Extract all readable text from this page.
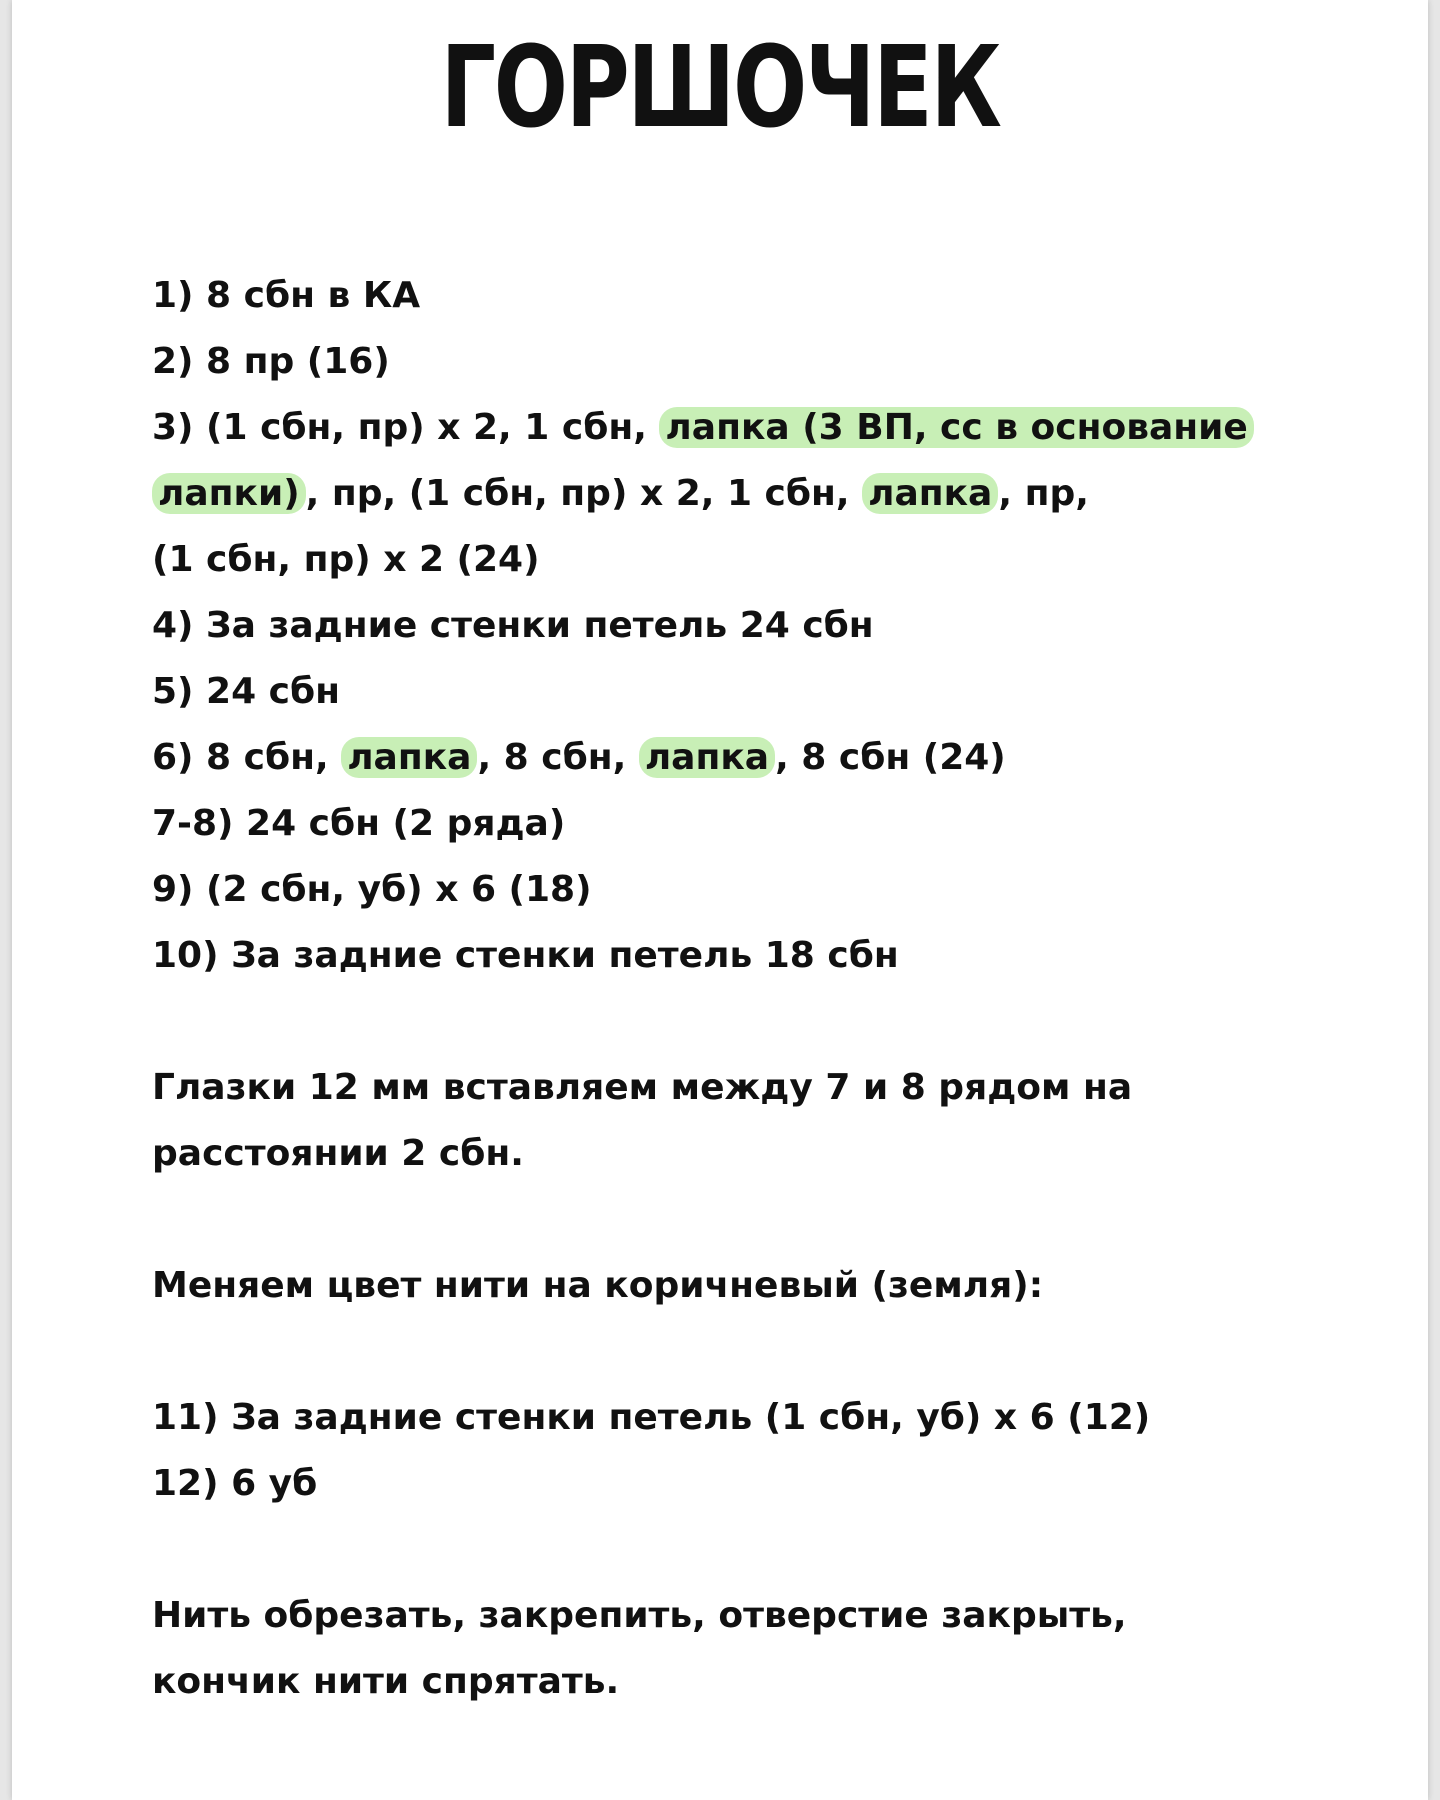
ГОРШОЧЕК

1) 8 сбн в КА

2) 8 пр (16)

3) (1 сбн, пр) х 2, 1 сбн, лапка (3 ВП, сс в основание

лапки) , пр, (1 сбн, пр) х 2, 1 сбн, лапка , пр,

(1 сбн, пр) х 2 (24)

4) За задние стенки петель 24 сбн

5) 24 сбн

6) 8 сбн, лапка , 8 сбн, лапка , 8 сбн (24)

7-8) 24 сбн (2 ряда)

9) (2 сбн, уб) х 6 (18)

10) За задние стенки петель 18 сбн

Глазки 12 мм вставляем между 7 и 8 рядом на

расстоянии 2 сбн.

Меняем цвет нити на коричневый (земля):

11) За задние стенки петель (1 сбн, уб) х 6 (12)

12) 6 уб

Нить обрезать, закрепить, отверстие закрыть,

кончик нити спрятать.
